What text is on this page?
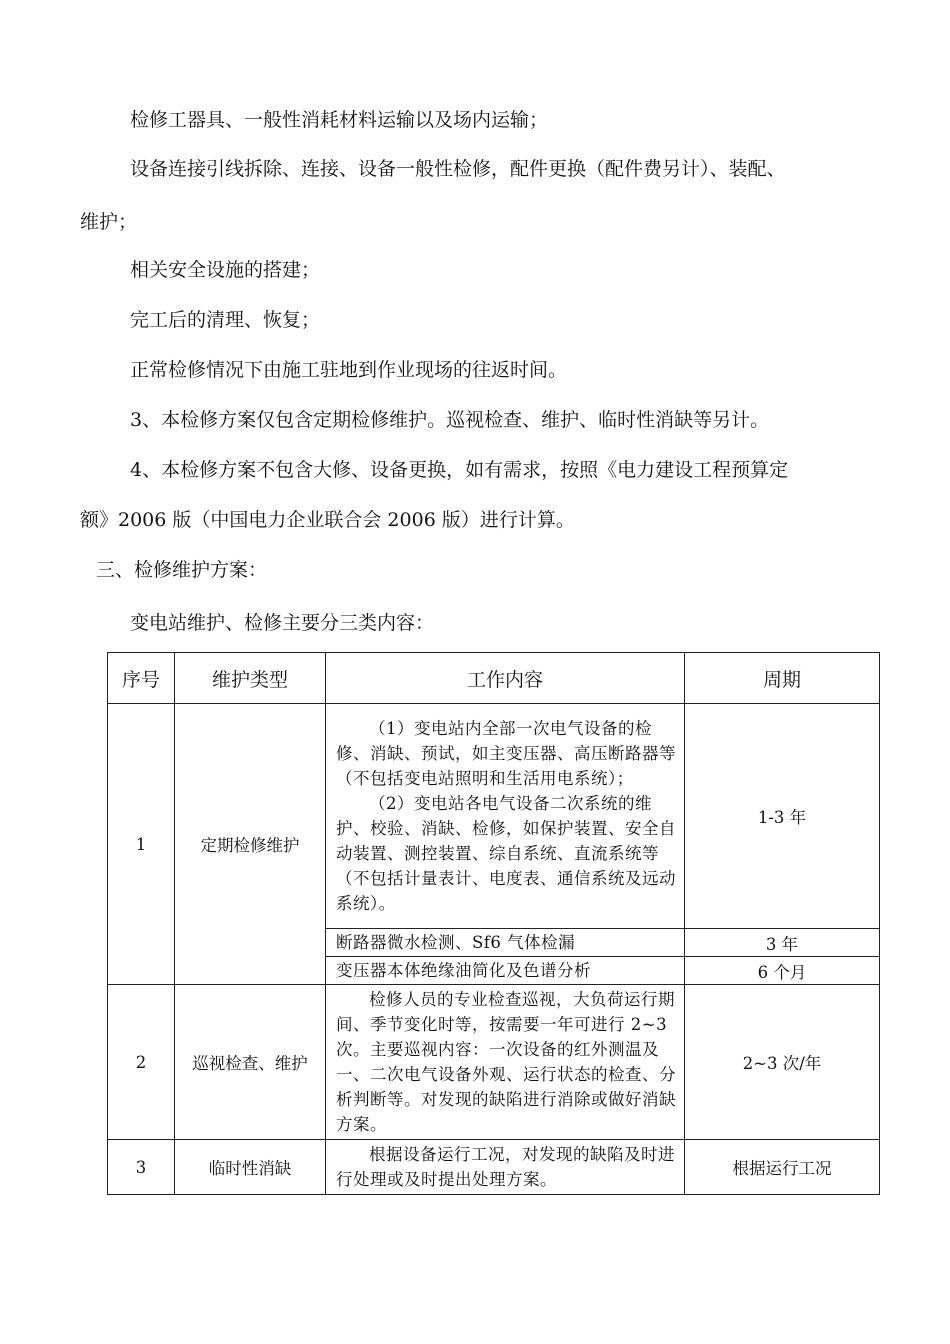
检修工器具、一般性消耗材料运输以及场内运输；
设备连接引线拆除、连接、设备一般性检修，配件更换（配件费另计）、装配、
维护；
相关安全设施的搭建；
完工后的清理、恢复；
正常检修情况下由施工驻地到作业现场的往返时间。
3、本检修方案仅包含定期检修维护。巡视检查、维护、临时性消缺等另计。
4、本检修方案不包含大修、设备更换，如有需求，按照《电力建设工程预算定
额》2006 版（中国电力企业联合会 2006 版）进行计算。
三、检修维护方案：
变电站维护、检修主要分三类内容：
序号	维护类型	工作内容	周期
1	定期检修维护	（1）变电站内全部一次电气设备的检修、消缺、预试，如主变压器、高压断路器等（不包括变电站照明和生活用电系统）；

（2）变电站各电气设备二次系统的维护、校验、消缺、检修，如保护装置、安全自动装置、测控装置、综自系统、直流系统等（不包括计量表计、电度表、通信系统及远动系统）。	1-3 年
		断路器微水检测、Sf6 气体检漏	3 年
		变压器本体绝缘油简化及色谱分析	6 个月
2	巡视检查、维护	检修人员的专业检查巡视，大负荷运行期间、季节变化时等，按需要一年可进行 2~3 次。主要巡视内容：一次设备的红外测温及一、二次电气设备外观、运行状态的检查、分析判断等。对发现的缺陷进行消除或做好消缺方案。	2~3 次/年
3	临时性消缺	根据设备运行工况，对发现的缺陷及时进行处理或及时提出处理方案。	根据运行工况
